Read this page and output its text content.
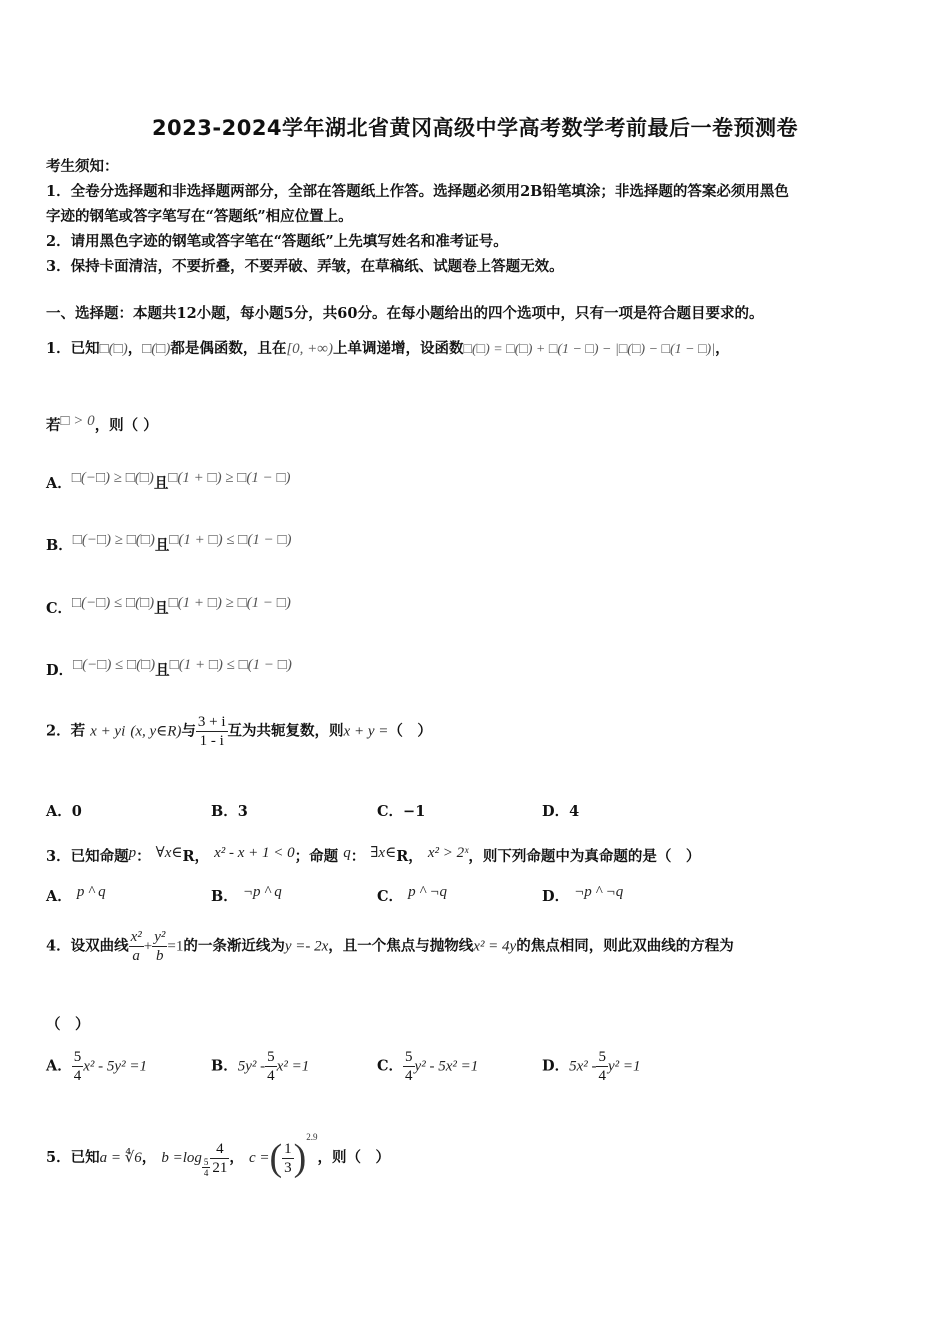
2023-2024学年湖北省黄冈高级中学高考数学考前最后一卷预测卷
考生须知：
1．全卷分选择题和非选择题两部分，全部在答题纸上作答。选择题必须用2B铅笔填涂；非选择题的答案必须用黑色
字迹的钢笔或答字笔写在“答题纸”相应位置上。
2．请用黑色字迹的钢笔或答字笔在“答题纸”上先填写姓名和准考证号。
3．保持卡面清洁，不要折叠，不要弄破、弄皱，在草稿纸、试题卷上答题无效。
一、选择题：本题共12小题，每小题5分，共60分。在每小题给出的四个选项中，只有一项是符合题目要求的。
1．已知□(□)，□(□)都是偶函数，且在[0, +∞)上单调递增，设函数□(□) = □(□) + □(1 − □) − |□(□) − □(1 − □)|，
若□ > 0，则（ ）
A．□(−□) ≥ □(□)且□(1 + □) ≥ □(1 − □)
B．□(−□) ≥ □(□)且□(1 + □) ≤ □(1 − □)
C．□(−□) ≤ □(□)且□(1 + □) ≥ □(1 − □)
D．□(−□) ≤ □(□)且□(1 + □) ≤ □(1 − □)
2．若 x + yi (x, y∈R)与 $\frac{3 + i}{1 - i}$ 互为共轭复数，则x + y =（　）
A．0	B．3	C．−1	D．4
3．已知命题p： ∀x∈R， x² - x + 1 < 0；命题 q： ∃x∈R， x² > 2ˣ，则下列命题中为真命题的是（　）
A． p ^ q	B． ¬p ^ q	C． p ^ ¬q	D． ¬p ^ ¬q
4．设双曲线 $\frac{\text{x²}}{a} + \frac{\text{y²}}{b} =1$的一条渐近线为y =- 2x，且一个焦点与抛物线x² = 4y的焦点相同，则此双曲线的方程为
（　）
A． $\frac{5}{4} x^2 - 5y^2 =1$	B．$5y^2 - \frac{5}{4} x^2 =1$	C． $\frac{5}{4} y^2 - 5x^2 =1$	D．$5x^2 - \frac{5}{4} y^2 =1$
5．已知a = ∜6， $b =\log \frac{5}{4} \frac{4}{21}$ ， c =( $\frac{1}{3} )^{2.9}$，则（　）
